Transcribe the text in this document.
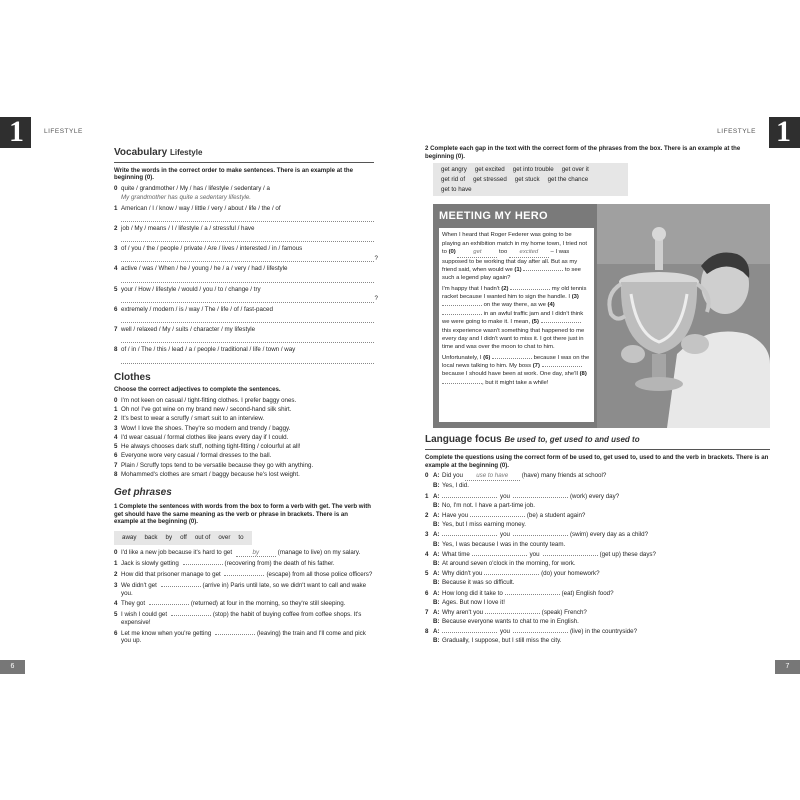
1	LIFESTYLE
6
Vocabulary Lifestyle
Write the words in the correct order to make sentences. There is an example at the beginning (0).
0 quite / grandmother / My / has / lifestyle / sedentary / a
My grandmother has quite a sedentary lifestyle.
1 American / I / know / way / little / very / about / life / the / of
2 job / My / means / I / lifestyle / a / stressful / have
3 of / you / the / people / private / Are / lives / interested / in / famous
?
4 active / was / When / he / young / he / a / very / had / lifestyle
5 your / How / lifestyle / would / you / to / change / try
?
6 extremely / modern / is / way / The / life / of / fast-paced
7 well / relaxed / My / suits / character / my lifestyle
8 of / in / The / this / lead / a / people / traditional / life / town / way
Clothes
Choose the correct adjectives to complete the sentences.
0 I'm not keen on casual / tight-fitting clothes. I prefer baggy ones.
1 Oh no! I've got wine on my brand new / second-hand silk shirt.
2 It's best to wear a scruffy / smart suit to an interview.
3 Wow! I love the shoes. They're so modern and trendy / baggy.
4 I'd wear casual / formal clothes like jeans every day if I could.
5 He always chooses dark stuff, nothing tight-fitting / colourful at all!
6 Everyone wore very casual / formal dresses to the ball.
7 Plain / Scruffy tops tend to be versatile because they go with anything.
8 Mohammed's clothes are smart / baggy because he's lost weight.
Get phrases
1 Complete the sentences with words from the box to form a verb with get. The verb with get should have the same meaning as the verb or phrase in brackets. There is an example at the beginning (0).
away	back	by	off	out of	over	to
0 I'd like a new job because it's hard to get	by	(manage to live) on my salary.
1 Jack is slowly getting	(recovering from) the death of his father.
2 How did that prisoner manage to get	(escape) from all those police officers?
3 We didn't get	(arrive in) Paris until late, so we didn't want to call and wake you.
4 They got	(returned) at four in the morning, so they're still sleeping.
5 I wish I could get	(stop) the habit of buying coffee from coffee shops. It's expensive!
6 Let me know when you're getting	(leaving) the train and I'll come and pick you up.
1
LIFESTYLE
7
2 Complete each gap in the text with the correct form of the phrases from the box. There is an example at the beginning (0).
get angry	get excited	get into trouble	get over it
get rid of	get stressed	get stuck	get the chance
get to have
MEETING MY HERO

When I heard that Roger Federer was going to be playing an exhibition match in my home town, I tried not to (0)	get	too excited – I was supposed to be working that day after all. But as my friend said, when would we (1)	to see such a legend play again?

I'm happy that I hadn't (2)	my old tennis racket because I wanted him to sign the handle. I (3)  on the way there, as we (4)  in an awful traffic jam and I didn't think we were going to make it. I mean, (5)  this experience wasn't something that happened to me every day and I didn't want to miss it. I got there just in time and was over the moon to chat to him.

Unfortunately, I (6)	because I was on the local news talking to him. My boss (7)  because I should have been at work. One day, she'll (8) , but it might take a while!

Language focus Be used to, get used to and used to
Complete the questions using the correct form of be used to, get used to, used to and the verb in brackets. There is an example at the beginning (0).
0 A: Did you use to have (have) many friends at school?
B: Yes, I did.
1 A:	you	(work) every day?
B: No, I'm not. I have a part-time job.
2 A: Have you	(be) a student again?
B: Yes, but I miss earning money.
3 A:	you	(swim) every day as a child?
B: Yes, I was because I was in the county team.
4 A: What time	you	(get up) these days?
B: At around seven o'clock in the morning, for work.
5 A: Why didn't you	(do) your homework?
B: Because it was so difficult.
6 A: How long did it take to	(eat) English food?
B: Ages. But now I love it!
7 A: Why aren't you	(speak) French?
B: Because everyone wants to chat to me in English.
8 A:	you	(live) in the countryside?
B: Gradually, I suppose, but I still miss the city.
